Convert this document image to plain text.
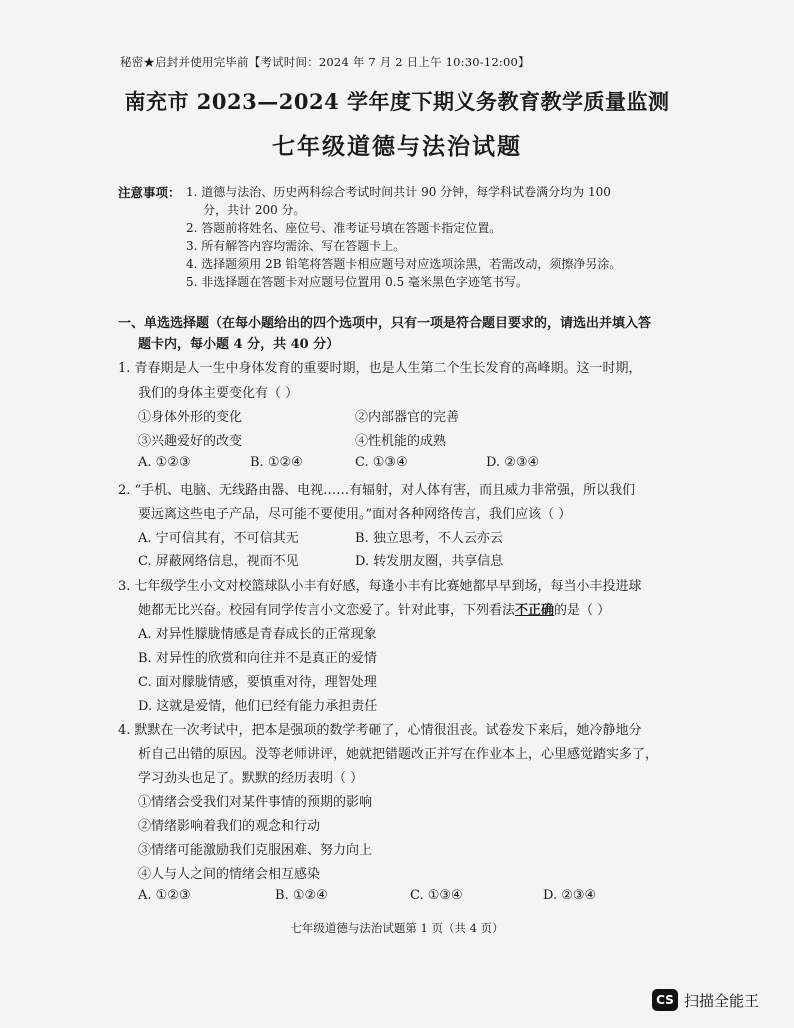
秘密★启封并使用完毕前【考试时间：2024 年 7 月 2 日上午 10:30-12:00】
南充市 2023—2024 学年度下期义务教育教学质量监测
七年级道德与法治试题
注意事项： 1. 道德与法治、历史两科综合考试时间共计 90 分钟，每学科试卷满分均为 100
分，共计 200 分。
2. 答题前将姓名、座位号、准考证号填在答题卡指定位置。
3. 所有解答内容均需涂、写在答题卡上。
4. 选择题须用 2B 铅笔将答题卡相应题号对应选项涂黑，若需改动，须擦净另涂。
5. 非选择题在答题卡对应题号位置用 0.5 毫米黑色字迹笔书写。
一、单选选择题（在每小题给出的四个选项中，只有一项是符合题目要求的，请选出并填入答
题卡内，每小题 4 分，共 40 分）
1. 青春期是人一生中身体发育的重要时期，也是人生第二个生长发育的高峰期。这一时期，
我们的身体主要变化有（ ）
①身体外形的变化	②内部器官的完善
③兴趣爱好的改变	④性机能的成熟
A. ①②③	B. ①②④	C. ①③④	D. ②③④
2. “手机、电脑、无线路由器、电视……有辐射，对人体有害，而且威力非常强，所以我们
要远离这些电子产品，尽可能不要使用。”面对各种网络传言，我们应该（ ）
A. 宁可信其有，不可信其无	B. 独立思考，不人云亦云
C. 屏蔽网络信息，视而不见	D. 转发朋友圈，共享信息
3. 七年级学生小文对校篮球队小丰有好感，每逢小丰有比赛她都早早到场，每当小丰投进球
她都无比兴奋。校园有同学传言小文恋爱了。针对此事，下列看法不正确的是（ ）
A. 对异性朦胧情感是青春成长的正常现象
B. 对异性的欣赏和向往并不是真正的爱情
C. 面对朦胧情感，要慎重对待，理智处理
D. 这就是爱情，他们已经有能力承担责任
4. 默默在一次考试中，把本是强项的数学考砸了，心情很沮丧。试卷发下来后，她冷静地分
析自己出错的原因。没等老师讲评，她就把错题改正并写在作业本上，心里感觉踏实多了，
学习劲头也足了。默默的经历表明（ ）
①情绪会受我们对某件事情的预期的影响
②情绪影响着我们的观念和行动
③情绪可能激励我们克服困难、努力向上
④人与人之间的情绪会相互感染
A. ①②③	B. ①②④	C. ①③④	D. ②③④
七年级道德与法治试题第 1 页（共 4 页）
CS 扫描全能王
